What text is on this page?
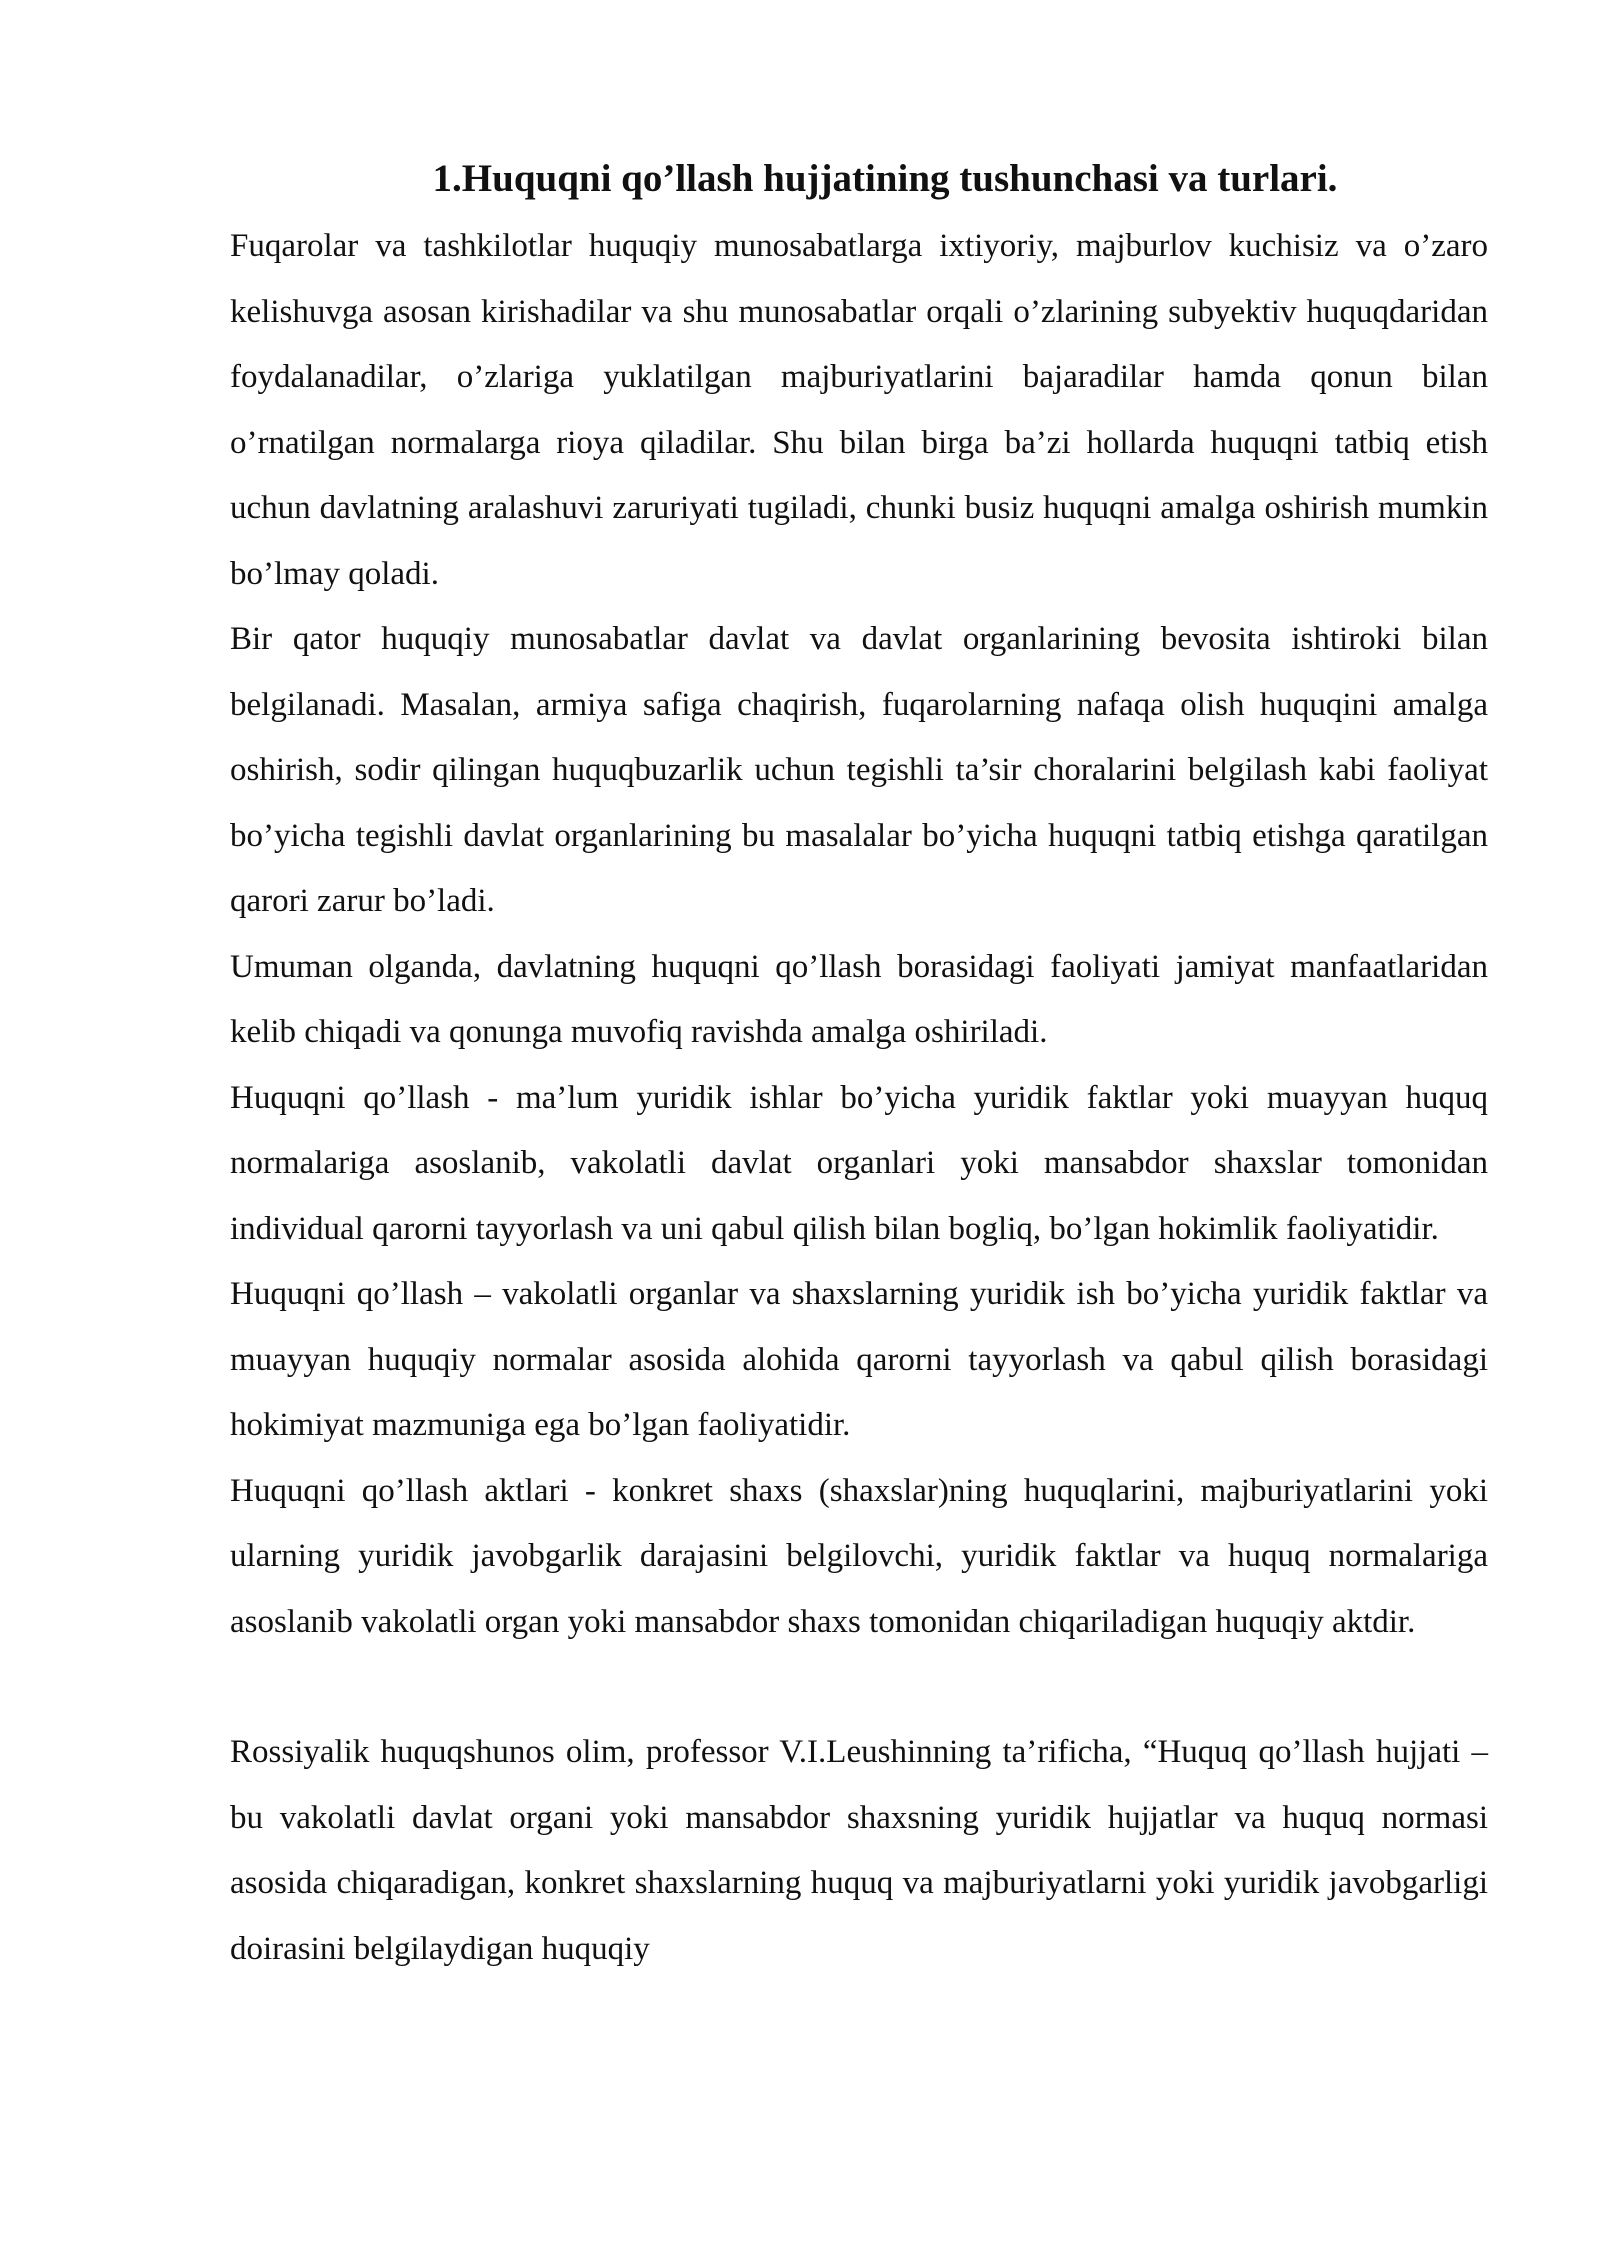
1.Huquqni qo’llash hujjatining tushunchasi va turlari.

Fuqarolar va tashkilotlar huquqiy munosabatlarga ixtiyoriy, majburlov kuchisiz va o’zaro kelishuvga asosan kirishadilar va shu munosabatlar orqali o’zlarining subyektiv huquqdaridan foydalanadilar, o’zlariga yuklatilgan majburiyatlarini bajaradilar hamda qonun bilan o’rnatilgan normalarga rioya qiladilar. Shu bilan birga ba’zi hollarda huquqni tatbiq etish uchun davlatning aralashuvi zaruriyati tugiladi, chunki busiz huquqni amalga oshirish mumkin bo’lmay qoladi.

Bir qator huquqiy munosabatlar davlat va davlat organlarining bevosita ishtiroki bilan belgilanadi. Masalan, armiya safiga chaqirish, fuqarolarning nafaqa olish huquqini amalga oshirish, sodir qilingan huquqbuzarlik uchun tegishli ta’sir choralarini belgilash kabi faoliyat bo’yicha tegishli davlat organlarining bu masalalar bo’yicha huquqni tatbiq etishga qaratilgan qarori zarur bo’ladi.

Umuman olganda, davlatning huquqni qo’llash borasidagi faoliyati jamiyat manfaatlaridan kelib chiqadi va qonunga muvofiq ravishda amalga oshiriladi.

Huquqni qo’llash - ma’lum yuridik ishlar bo’yicha yuridik faktlar yoki muayyan huquq normalariga asoslanib, vakolatli davlat organlari yoki mansabdor shaxslar tomonidan individual qarorni tayyorlash va uni qabul qilish bilan bogliq, bo’lgan hokimlik faoliyatidir.

Huquqni qo’llash – vakolatli organlar va shaxslarning yuridik ish bo’yicha yuridik faktlar va muayyan huquqiy normalar asosida alohida qarorni tayyorlash va qabul qilish borasidagi hokimiyat mazmuniga ega bo’lgan faoliyatidir.

Huquqni qo’llash aktlari - konkret shaxs (shaxslar)ning huquqlarini, majburiyatlarini yoki ularning yuridik javobgarlik darajasini belgilovchi, yuridik faktlar va huquq normalariga asoslanib vakolatli organ yoki mansabdor shaxs tomonidan chiqariladigan huquqiy aktdir.

Rossiyalik huquqshunos olim, professor V.I.Leushinning ta’rificha, “Huquq qo’llash hujjati – bu vakolatli davlat organi yoki mansabdor shaxsning yuridik hujjatlar va huquq normasi asosida chiqaradigan, konkret shaxslarning huquq va majburiyatlarni yoki yuridik javobgarligi doirasini belgilaydigan huquqiy
